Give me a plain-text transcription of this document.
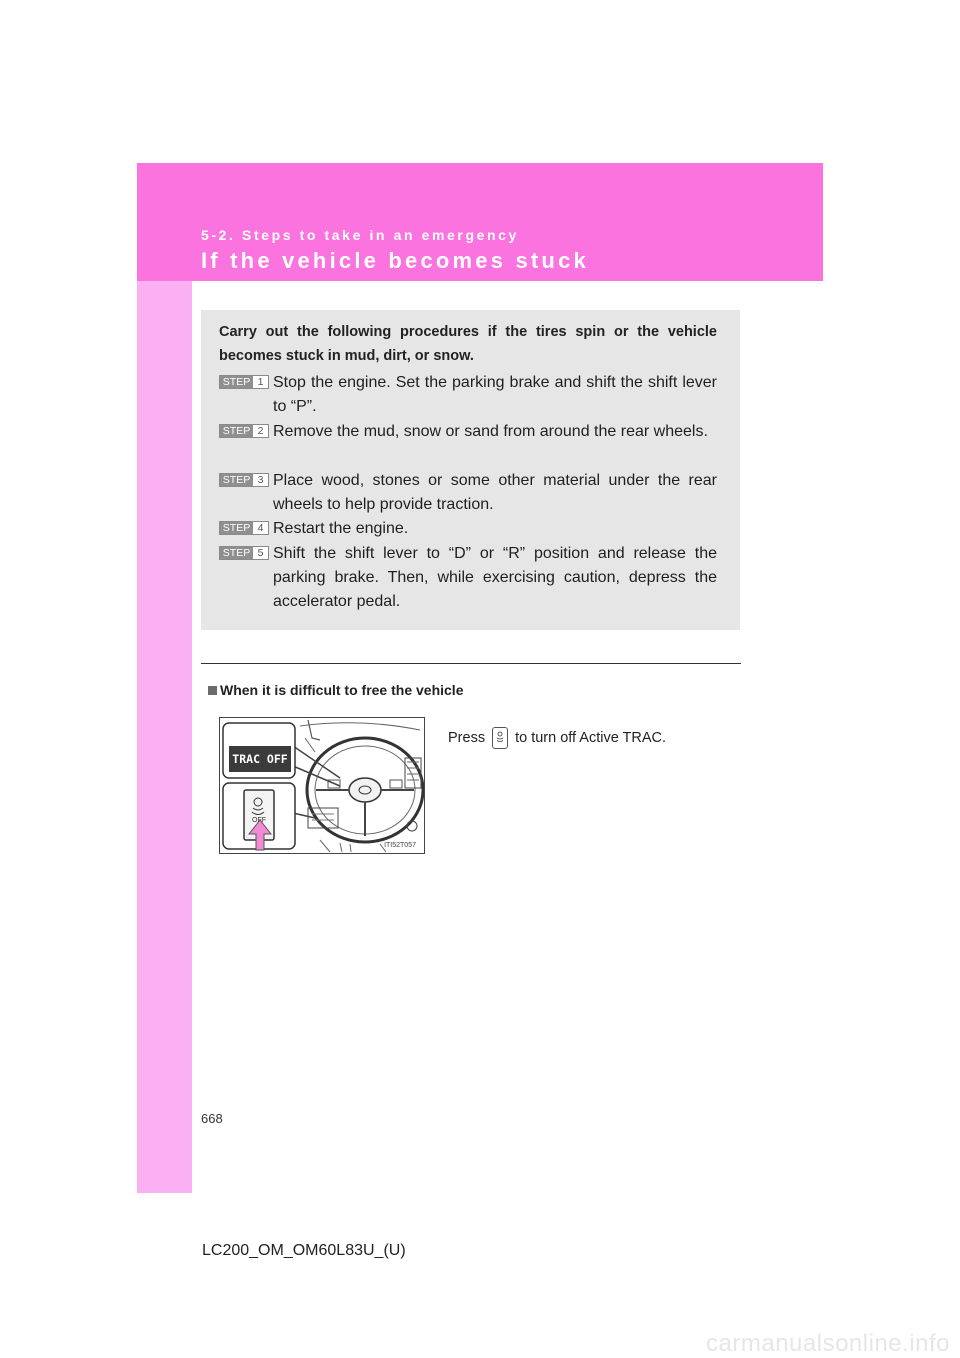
5-2. Steps to take in an emergency
If the vehicle becomes stuck
Carry out the following procedures if the tires spin or the vehicle becomes stuck in mud, dirt, or snow.
STEP 1 Stop the engine. Set the parking brake and shift the shift lever to “P”.
STEP 2 Remove the mud, snow or sand from around the rear wheels.
STEP 3 Place wood, stones or some other material under the rear wheels to help provide traction.
STEP 4 Restart the engine.
STEP 5 Shift the shift lever to “D” or “R” position and release the parking brake. Then, while exercising caution, depress the accelerator pedal.
When it is difficult to free the vehicle
TRAC OFF
OFF
ITI52T057
Press to turn off Active TRAC.
668
LC200_OM_OM60L83U_(U)
carmanualsonline.info
